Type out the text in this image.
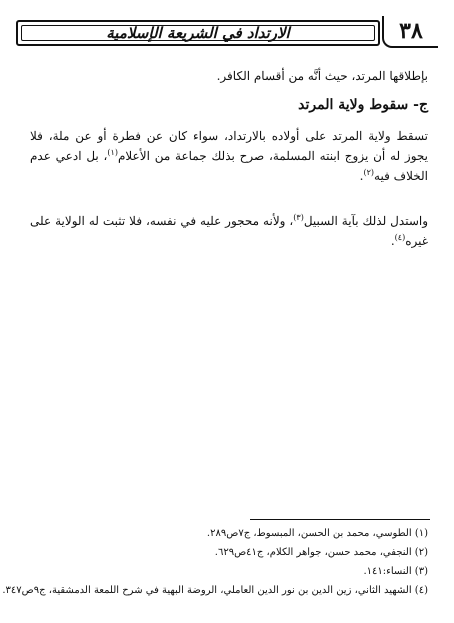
الارتداد في الشريعة الإسلامية	٣٨
بإطلاقها المرتد، حيث أنَّه من أقسام الكافر.
ج- سقوط ولاية المرتد
تسقط ولاية المرتد على أولاده بالارتداد، سواء كان عن فطرة أو عن ملة، فلا يجوز له أن يزوج ابنته المسلمة، صرح بذلك جماعة من الأعلام$^{(١)}$، بل ادعي عدم الخلاف فيه$^{(٢)}$.
واستدل لذلك بآية السبيل$^{(٣)}$، ولأنه محجور عليه في نفسه، فلا تثبت له الولاية على غيره$^{(٤)}$.
(١) الطوسي، محمد بن الحسن، المبسوط، ج٧ص٢٨٩.
(٢) النجفي، محمد حسن، جواهر الكلام، ج٤١ص٦٢٩.
(٣) النساء:١٤١.
(٤) الشهيد الثاني، زين الدين بن نور الدين العاملي، الروضة البهية في شرح اللمعة الدمشقية، ج٩ص٣٤٧.
